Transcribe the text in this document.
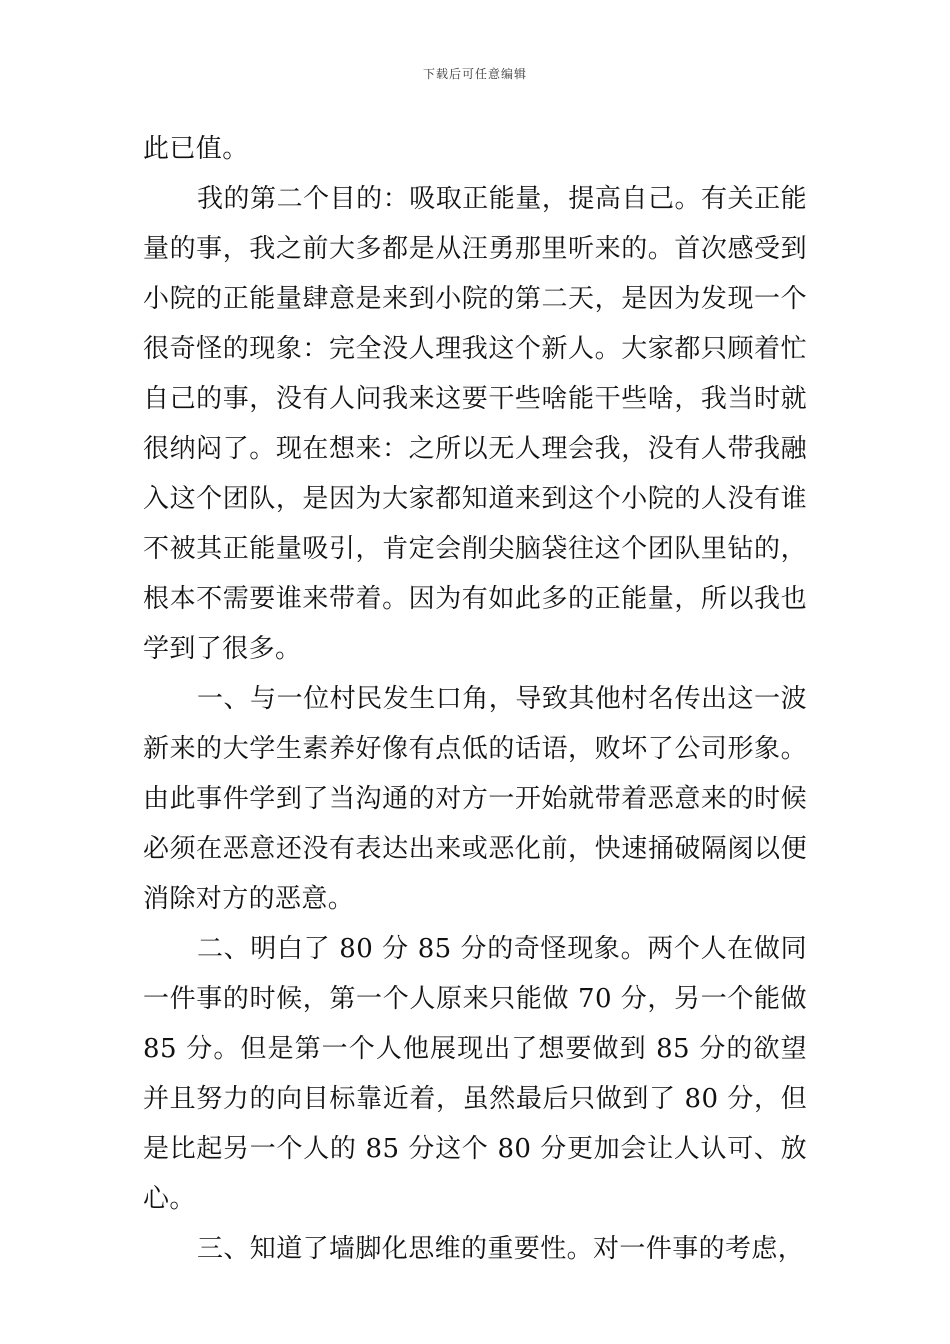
下载后可任意编辑

此已值。

我的第二个目的：吸取正能量，提高自己。有关正能量的事，我之前大多都是从汪勇那里听来的。首次感受到小院的正能量肆意是来到小院的第二天，是因为发现一个很奇怪的现象：完全没人理我这个新人。大家都只顾着忙自己的事，没有人问我来这要干些啥能干些啥，我当时就很纳闷了。现在想来：之所以无人理会我，没有人带我融入这个团队，是因为大家都知道来到这个小院的人没有谁不被其正能量吸引，肯定会削尖脑袋往这个团队里钻的，根本不需要谁来带着。因为有如此多的正能量，所以我也学到了很多。

一、与一位村民发生口角，导致其他村名传出这一波新来的大学生素养好像有点低的话语，败坏了公司形象。由此事件学到了当沟通的对方一开始就带着恶意来的时候必须在恶意还没有表达出来或恶化前，快速捅破隔阂以便消除对方的恶意。

二、明白了 80 分 85 分的奇怪现象。两个人在做同一件事的时候，第一个人原来只能做 70 分，另一个能做 85 分。但是第一个人他展现出了想要做到 85 分的欲望并且努力的向目标靠近着，虽然最后只做到了 80 分，但是比起另一个人的 85 分这个 80 分更加会让人认可、放心。

三、知道了墙脚化思维的重要性。对一件事的考虑，
